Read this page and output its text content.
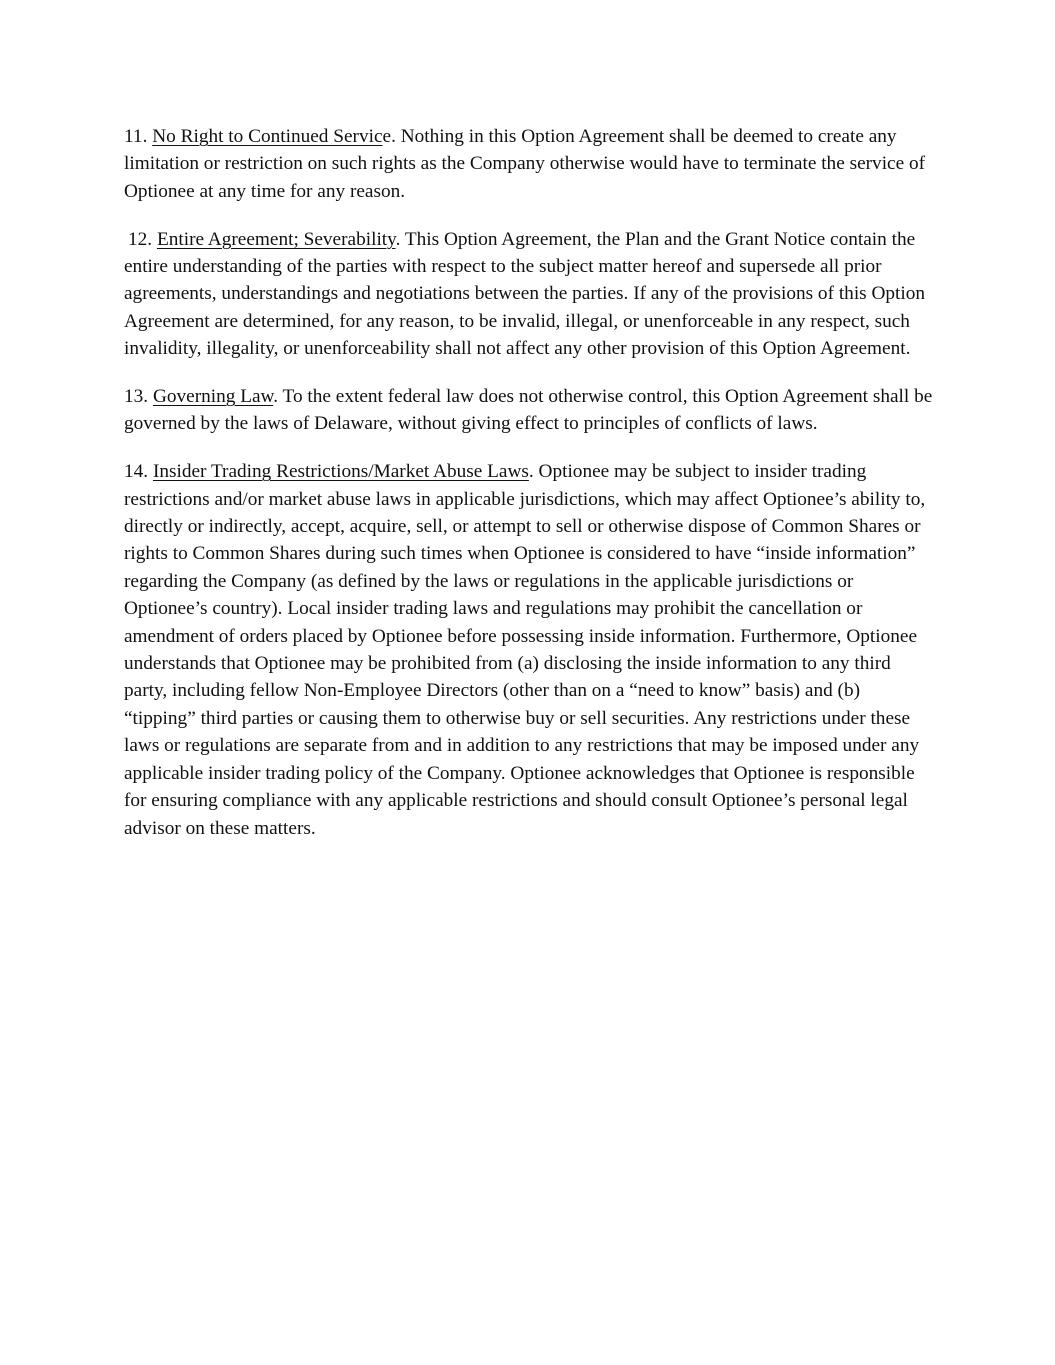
11. No Right to Continued Service. Nothing in this Option Agreement shall be deemed to create any limitation or restriction on such rights as the Company otherwise would have to terminate the service of Optionee at any time for any reason.

12. Entire Agreement; Severability. This Option Agreement, the Plan and the Grant Notice contain the entire understanding of the parties with respect to the subject matter hereof and supersede all prior agreements, understandings and negotiations between the parties. If any of the provisions of this Option Agreement are determined, for any reason, to be invalid, illegal, or unenforceable in any respect, such invalidity, illegality, or unenforceability shall not affect any other provision of this Option Agreement.

13. Governing Law. To the extent federal law does not otherwise control, this Option Agreement shall be governed by the laws of Delaware, without giving effect to principles of conflicts of laws.

14. Insider Trading Restrictions/Market Abuse Laws. Optionee may be subject to insider trading restrictions and/or market abuse laws in applicable jurisdictions, which may affect Optionee’s ability to, directly or indirectly, accept, acquire, sell, or attempt to sell or otherwise dispose of Common Shares or rights to Common Shares during such times when Optionee is considered to have “inside information” regarding the Company (as defined by the laws or regulations in the applicable jurisdictions or Optionee’s country). Local insider trading laws and regulations may prohibit the cancellation or amendment of orders placed by Optionee before possessing inside information. Furthermore, Optionee understands that Optionee may be prohibited from (a) disclosing the inside information to any third party, including fellow Non-Employee Directors (other than on a “need to know” basis) and (b) “tipping” third parties or causing them to otherwise buy or sell securities. Any restrictions under these laws or regulations are separate from and in addition to any restrictions that may be imposed under any applicable insider trading policy of the Company. Optionee acknowledges that Optionee is responsible for ensuring compliance with any applicable restrictions and should consult Optionee’s personal legal advisor on these matters.
